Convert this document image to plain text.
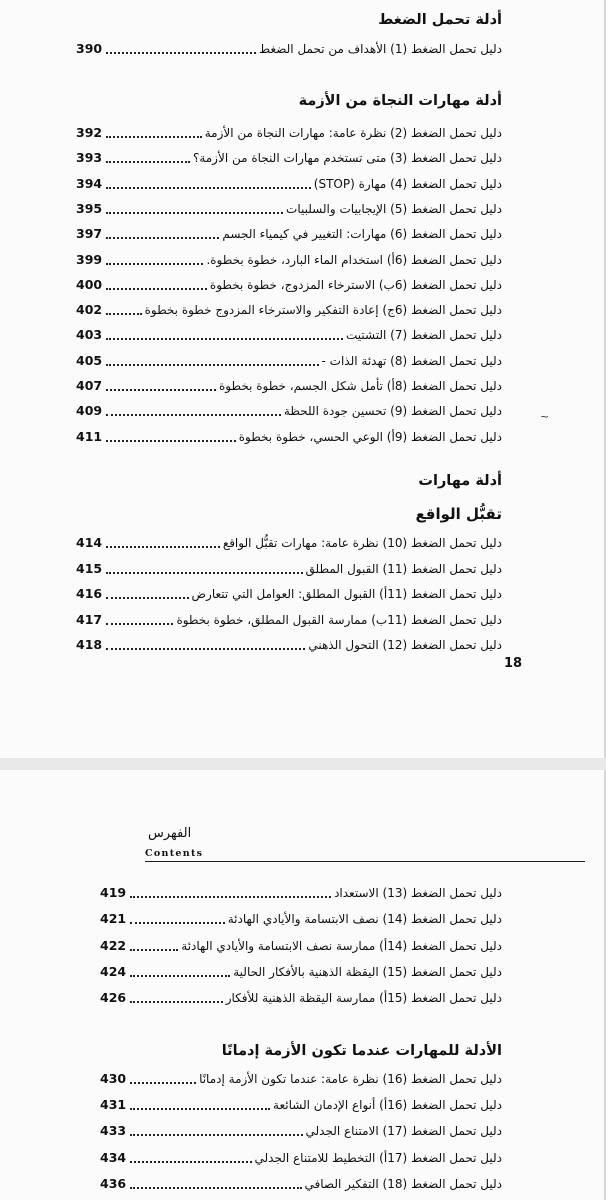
أدلة تحمل الضغط
390	دليل تحمل الضغط (1) الأهداف من تحمل الضغط
أدلة مهارات النجاة من الأزمة
392	دليل تحمل الضغط (2) نظرة عامة: مهارات النجاة من الأزمة
393	دليل تحمل الضغط (3) متى تستخدم مهارات النجاة من الأزمة؟
394	دليل تحمل الضغط (4) مهارة (STOP)
395	دليل تحمل الضغط (5) الإيجابيات والسلبيات
397	دليل تحمل الضغط (6) مهارات: التغيير في كيمياء الجسم
399	دليل تحمل الضغط (6أ) استخدام الماء البارد، خطوة بخطوة.
400	دليل تحمل الضغط (6ب) الاسترخاء المزدوج، خطوة بخطوة
402	دليل تحمل الضغط (6ج) إعادة التفكير والاسترخاء المزدوج خطوة بخطوة
403	دليل تحمل الضغط (7) التشتيت
405	دليل تحمل الضغط (8) تهدئة الذات -
407	دليل تحمل الضغط (8أ) تأمل شكل الجسم، خطوة بخطوة
409	دليل تحمل الضغط (9) تحسين جودة اللحظة
411	دليل تحمل الضغط (9أ) الوعي الحسي، خطوة بخطوة
~
أدلة مهارات
تقبُّل الواقع
414	دليل تحمل الضغط (10) نظرة عامة: مهارات تقبُّل الواقع
415	دليل تحمل الضغط (11) القبول المطلق
416	دليل تحمل الضغط (11أ) القبول المطلق: العوامل التي تتعارض
417	دليل تحمل الضغط (11ب) ممارسة القبول المطلق، خطوة بخطوة
418	دليل تحمل الضغط (12) التحول الذهني
18
الفهرس
Contents
419	دليل تحمل الضغط (13) الاستعداد
421	دليل تحمل الضغط (14) نصف الابتسامة والأيادي الهادئة
422	دليل تحمل الضغط (14أ) ممارسة نصف الابتسامة والأيادي الهادئة
424	دليل تحمل الضغط (15) اليقظة الذهنية بالأفكار الحالية
426	دليل تحمل الضغط (15أ) ممارسة اليقظة الذهنية للأفكار
الأدلة للمهارات عندما تكون الأزمة إدمانًا
430	دليل تحمل الضغط (16) نظرة عامة: عندما تكون الأزمة إدمانًا
431	دليل تحمل الضغط (16أ) أنواع الإدمان الشائعة
433	دليل تحمل الضغط (17) الامتناع الجدلي
434	دليل تحمل الضغط (17أ) التخطيط للامتناع الجدلي
436	دليل تحمل الضغط (18) التفكير الصافي
